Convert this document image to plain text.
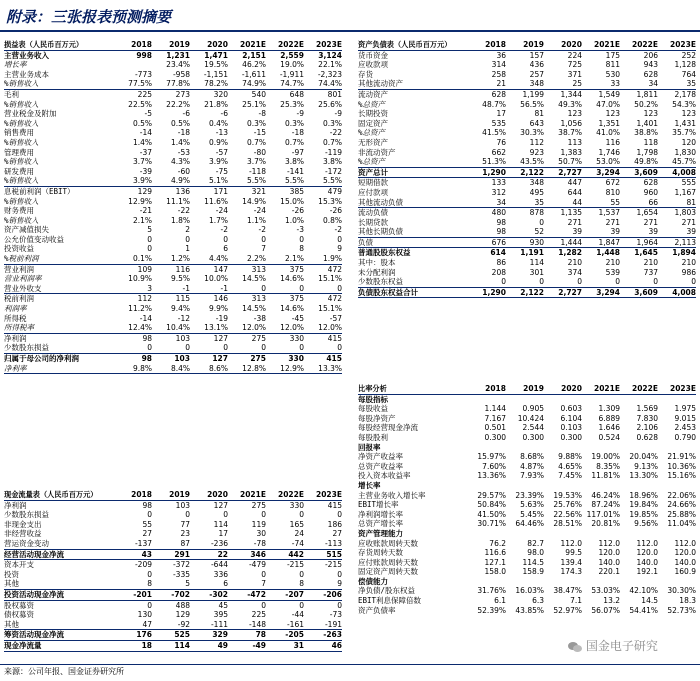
附录：三张报表预测摘要
损益表（人民币百万元）	2018	2019	2020	2021E	2022E	2023E
主营业务收入	998	1,231	1,471	2,151	2,559	3,124
增长率		23.4%	19.5%	46.2%	19.0%	22.1%
主营业务成本	-773	-958	-1,151	-1,611	-1,911	-2,323
%销售收入	77.5%	77.8%	78.2%	74.9%	74.7%	74.4%
毛利	225	273	320	540	648	801
%销售收入	22.5%	22.2%	21.8%	25.1%	25.3%	25.6%
营业税金及附加	-5	-6	-6	-8	-9	-9
%销售收入	0.5%	0.5%	0.4%	0.3%	0.3%	0.3%
销售费用	-14	-18	-13	-15	-18	-22
%销售收入	1.4%	1.4%	0.9%	0.7%	0.7%	0.7%
管理费用	-37	-53	-57	-80	-97	-119
%销售收入	3.7%	4.3%	3.9%	3.7%	3.8%	3.8%
研发费用	-39	-60	-75	-118	-141	-172
%销售收入	3.9%	4.9%	5.1%	5.5%	5.5%	5.5%
息税前利润（EBIT）	129	136	171	321	385	479
%销售收入	12.9%	11.1%	11.6%	14.9%	15.0%	15.3%
财务费用	-21	-22	-24	-24	-26	-26
%销售收入	2.1%	1.8%	1.7%	1.1%	1.0%	0.8%
资产减值损失	5	2	-2	-2	-3	-2
公允价值变动收益	0	0	0	0	0	0
投资收益	0	1	6	7	8	9
%税前利润	0.1%	1.2%	4.4%	2.2%	2.1%	1.9%
营业利润	109	116	147	313	375	472
营业利润率	10.9%	9.5%	10.0%	14.5%	14.6%	15.1%
营业外收支	3	-1	-1	0	0	0
税前利润	112	115	146	313	375	472
利润率	11.2%	9.4%	9.9%	14.5%	14.6%	15.1%
所得税	-14	-12	-19	-38	-45	-57
所得税率	12.4%	10.4%	13.1%	12.0%	12.0%	12.0%
净利润	98	103	127	275	330	415
少数股东损益	0	0	0	0	0	0
归属于母公司的净利润	98	103	127	275	330	415
净利率	9.8%	8.4%	8.6%	12.8%	12.9%	13.3%
资产负债表（人民币百万元）	2018	2019	2020	2021E	2022E	2023E
货币资金	36	157	224	175	206	252
应收款项	314	436	725	811	943	1,128
存货	258	257	371	530	628	764
其他流动资产	21	348	25	33	34	35
流动资产	628	1,199	1,344	1,549	1,811	2,178
%总资产	48.7%	56.5%	49.3%	47.0%	50.2%	54.3%
长期投资	17	81	123	123	123	123
固定资产	535	643	1,056	1,351	1,401	1,431
%总资产	41.5%	30.3%	38.7%	41.0%	38.8%	35.7%
无形资产	76	112	113	116	118	120
非流动资产	662	923	1,383	1,746	1,798	1,830
%总资产	51.3%	43.5%	50.7%	53.0%	49.8%	45.7%
资产总计	1,290	2,122	2,727	3,294	3,609	4,008
短期借款	133	348	447	672	628	555
应付款项	312	495	644	810	960	1,167
其他流动负债	34	35	44	55	66	81
流动负债	480	878	1,135	1,537	1,654	1,803
长期贷款	98	0	271	271	271	271
其他长期负债	98	52	39	39	39	39
负债	676	930	1,444	1,847	1,964	2,113
普通股股东权益	614	1,191	1,282	1,448	1,645	1,894
其中：股本	86	114	210	210	210	210
未分配利润	208	301	374	539	737	986
少数股东权益	0	0	0	0	0	0
负债股东权益合计	1,290	2,122	2,727	3,294	3,609	4,008
现金流量表（人民币百万元）	2018	2019	2020	2021E	2022E	2023E
净利润	98	103	127	275	330	415
少数股东损益	0	0	0	0	0	0
非现金支出	55	77	114	119	165	186
非经营收益	27	23	17	30	24	27
营运资金变动	-137	87	-236	-78	-74	-113
经营活动现金净流	43	291	22	346	442	515
资本开支	-209	-372	-644	-479	-215	-215
投资	0	-335	336	0	0	0
其他	8	5	6	7	8	9
投资活动现金净流	-201	-702	-302	-472	-207	-206
股权募资	0	488	45	0	0	0
债权募资	130	129	395	225	-44	-73
其他	47	-92	-111	-148	-161	-191
筹资活动现金净流	176	525	329	78	-205	-263
现金净流量	18	114	49	-49	31	46
比率分析	2018	2019	2020	2021E	2022E	2023E
每股指标						
每股收益	1.144	0.905	0.603	1.309	1.569	1.975
每股净资产	7.167	10.424	6.104	6.889	7.830	9.015
每股经营现金净流	0.501	2.544	0.103	1.646	2.106	2.453
每股股利	0.300	0.300	0.300	0.524	0.628	0.790
回报率						
净资产收益率	15.97%	8.68%	9.88%	19.00%	20.04%	21.91%
总资产收益率	7.60%	4.87%	4.65%	8.35%	9.13%	10.36%
投入资本收益率	13.36%	7.93%	7.45%	11.81%	13.30%	15.16%
增长率						
主营业务收入增长率	29.57%	23.39%	19.53%	46.24%	18.96%	22.06%
EBIT增长率	50.84%	5.63%	25.76%	87.24%	19.84%	24.66%
净利润增长率	41.50%	5.45%	22.56%	117.01%	19.85%	25.88%
总资产增长率	30.71%	64.46%	28.51%	20.81%	9.56%	11.04%
资产管理能力						
应收账款周转天数	76.2	82.7	112.0	112.0	112.0	112.0
存货周转天数	116.6	98.0	99.5	120.0	120.0	120.0
应付账款周转天数	127.1	114.5	139.4	140.0	140.0	140.0
固定资产周转天数	158.0	158.9	174.3	220.1	192.1	160.9
偿债能力						
净负债/股东权益	31.76%	16.03%	38.47%	53.03%	42.10%	30.30%
EBIT利息保障倍数	6.1	6.3	7.1	13.2	14.5	18.3
资产负债率	52.39%	43.85%	52.97%	56.07%	54.41%	52.73%
国金电子研究
来源：公司年报、国金证券研究所
